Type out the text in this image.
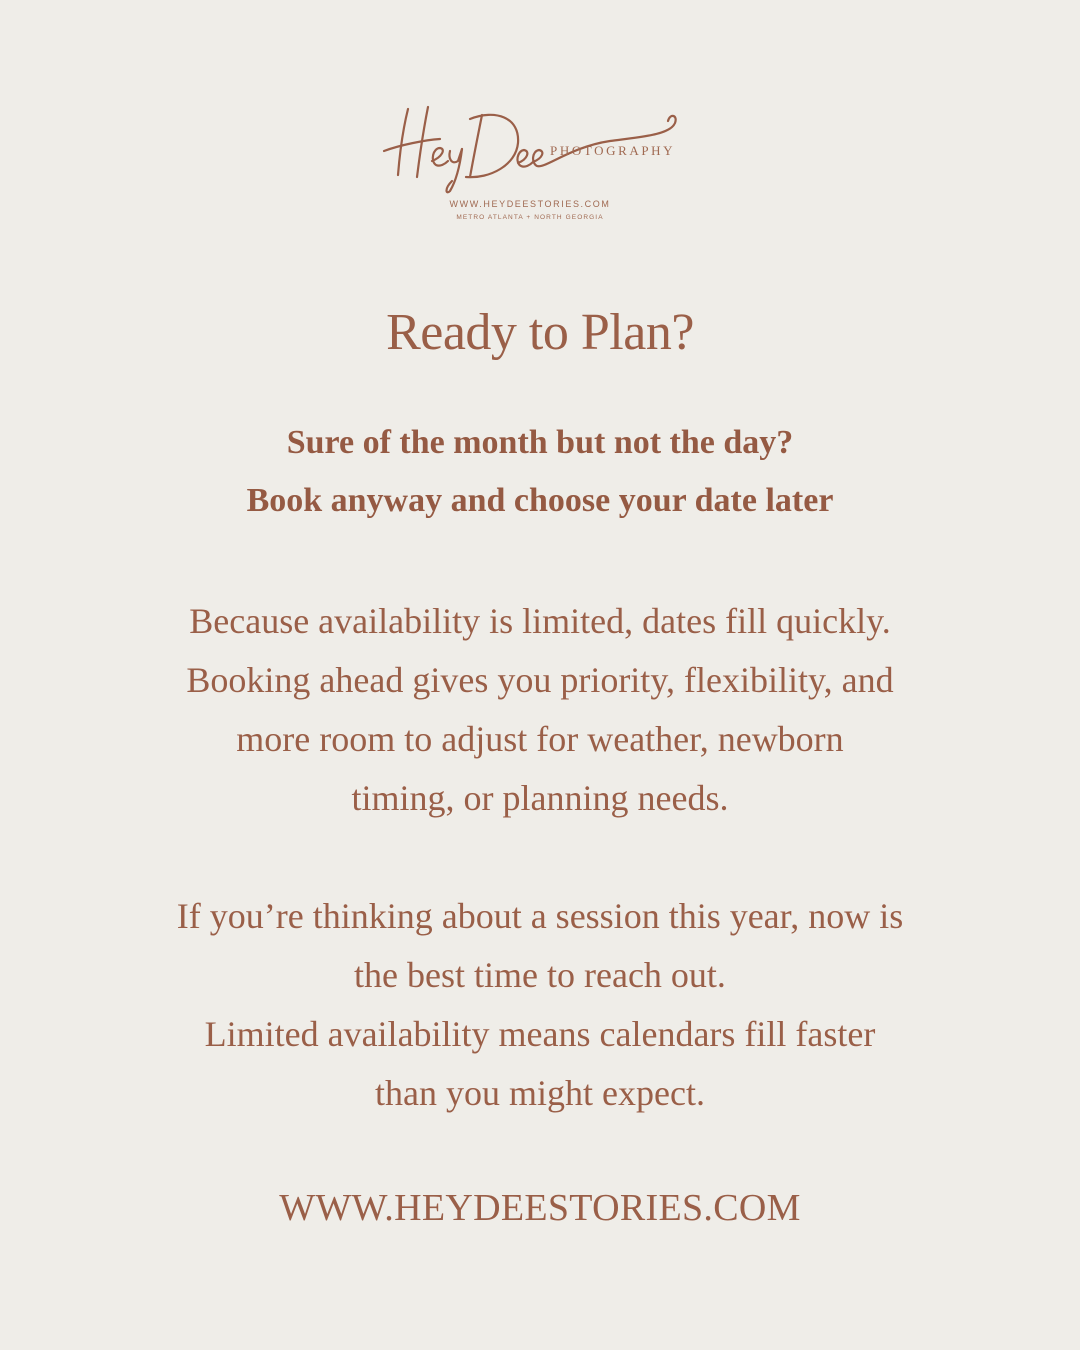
PHOTOGRAPHY
WWW.HEYDEESTORIES.COM
METRO ATLANTA + NORTH GEORGIA
Ready to Plan?
Sure of the month but not the day?
Book anyway and choose your date later
Because availability is limited, dates fill quickly.
Booking ahead gives you priority, flexibility, and
more room to adjust for weather, newborn
timing, or planning needs.
If you’re thinking about a session this year, now is
the best time to reach out.
Limited availability means calendars fill faster
than you might expect.
WWW.HEYDEESTORIES.COM
